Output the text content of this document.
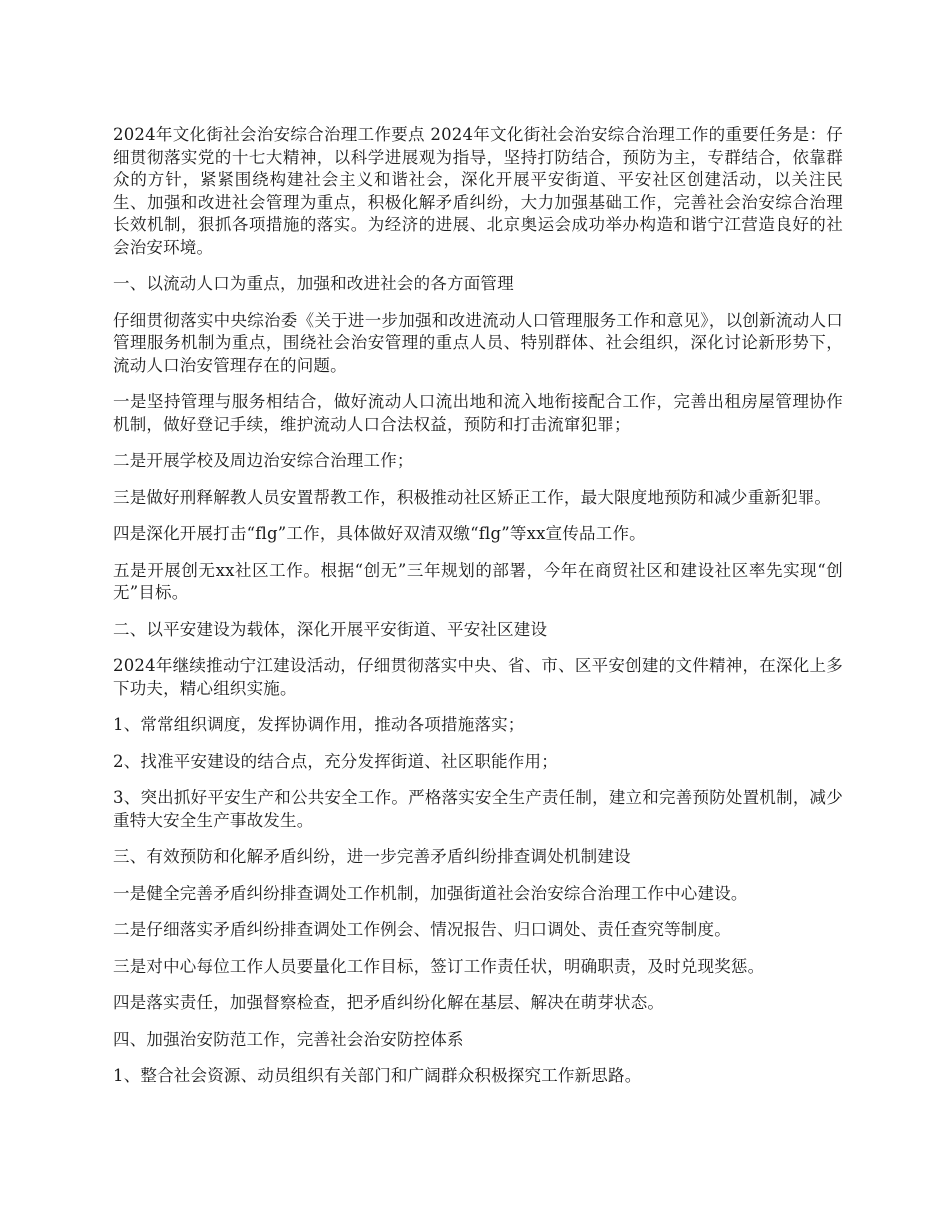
2024年文化街社会治安综合治理工作要点 2024年文化街社会治安综合治理工作的重要任务是：仔细贯彻落实党的十七大精神，以科学进展观为指导，坚持打防结合，预防为主，专群结合，依靠群众的方针，紧紧围绕构建社会主义和谐社会，深化开展平安街道、平安社区创建活动，以关注民生、加强和改进社会管理为重点，积极化解矛盾纠纷，大力加强基础工作，完善社会治安综合治理长效机制，狠抓各项措施的落实。为经济的进展、北京奥运会成功举办构造和谐宁江营造良好的社会治安环境。

一、以流动人口为重点，加强和改进社会的各方面管理

仔细贯彻落实中央综治委《关于进一步加强和改进流动人口管理服务工作和意见》，以创新流动人口管理服务机制为重点，围绕社会治安管理的重点人员、特别群体、社会组织，深化讨论新形势下，流动人口治安管理存在的问题。

一是坚持管理与服务相结合，做好流动人口流出地和流入地衔接配合工作，完善出租房屋管理协作机制，做好登记手续，维护流动人口合法权益，预防和打击流窜犯罪；

二是开展学校及周边治安综合治理工作；

三是做好刑释解教人员安置帮教工作，积极推动社区矫正工作，最大限度地预防和减少重新犯罪。

四是深化开展打击“flg”工作，具体做好双清双缴“flg”等xx宣传品工作。

五是开展创无xx社区工作。根据“创无”三年规划的部署，今年在商贸社区和建设社区率先实现“创无”目标。

二、以平安建设为载体，深化开展平安街道、平安社区建设

2024年继续推动宁江建设活动，仔细贯彻落实中央、省、市、区平安创建的文件精神，在深化上多下功夫，精心组织实施。

1、常常组织调度，发挥协调作用，推动各项措施落实；

2、找准平安建设的结合点，充分发挥街道、社区职能作用；

3、突出抓好平安生产和公共安全工作。严格落实安全生产责任制，建立和完善预防处置机制，减少重特大安全生产事故发生。

三、有效预防和化解矛盾纠纷，进一步完善矛盾纠纷排查调处机制建设

一是健全完善矛盾纠纷排查调处工作机制，加强街道社会治安综合治理工作中心建设。

二是仔细落实矛盾纠纷排查调处工作例会、情况报告、归口调处、责任查究等制度。

三是对中心每位工作人员要量化工作目标，签订工作责任状，明确职责，及时兑现奖惩。

四是落实责任，加强督察检查，把矛盾纠纷化解在基层、解决在萌芽状态。

四、加强治安防范工作，完善社会治安防控体系

1、整合社会资源、动员组织有关部门和广阔群众积极探究工作新思路。
